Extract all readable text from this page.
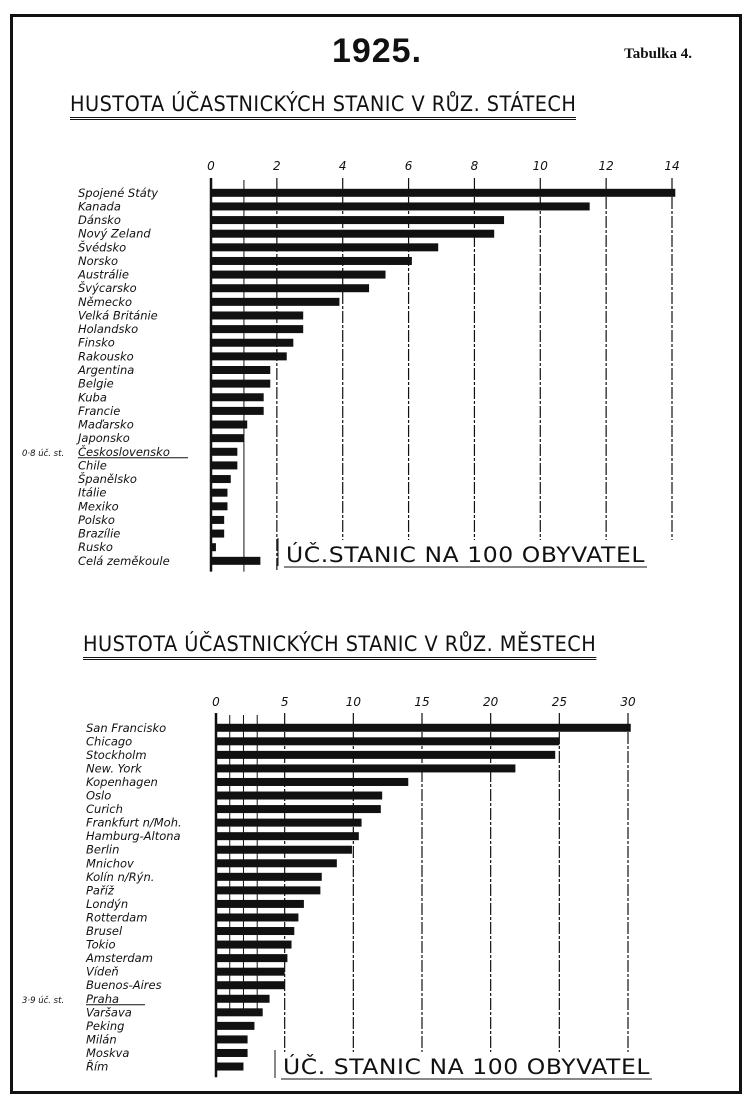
1925.	Tabulka 4.
HUSTOTA ÚČASTNICKÝCH STANIC V RŮZ. STÁTECH
HUSTOTA ÚČASTNICKÝCH STANIC V RŮZ. MĚSTECH
0	2	4	6	8	10	12	14
Spojené Státy
Kanada
Dánsko
Nový Zeland
Švédsko
Norsko
Austrálie
Švýcarsko
Německo
Velká Británie
Holandsko
Finsko
Rakousko
Argentina
Belgie
Kuba
Francie
Maďarsko
Japonsko
Československo
0·8 úč. st.
Chile
Španělsko
Itálie
Mexiko
Polsko
Brazílie
Rusko
Celá zeměkoule	ÚČ.STANIC NA 100 OBYVATEL
0	5	10	15	20	25	30
San Francisko
Chicago
Stockholm
New. York
Kopenhagen
Oslo
Curich
Frankfurt n/Moh.
Hamburg-Altona
Berlin
Mnichov
Kolín n/Rýn.
Paříž
Londýn
Rotterdam
Brusel
Tokio
Amsterdam
Vídeň
Buenos-Aires
Praha
3·9 úč. st.
Varšava
Peking
Milán
Moskva
Řím	ÚČ. STANIC NA 100 OBYVATEL
